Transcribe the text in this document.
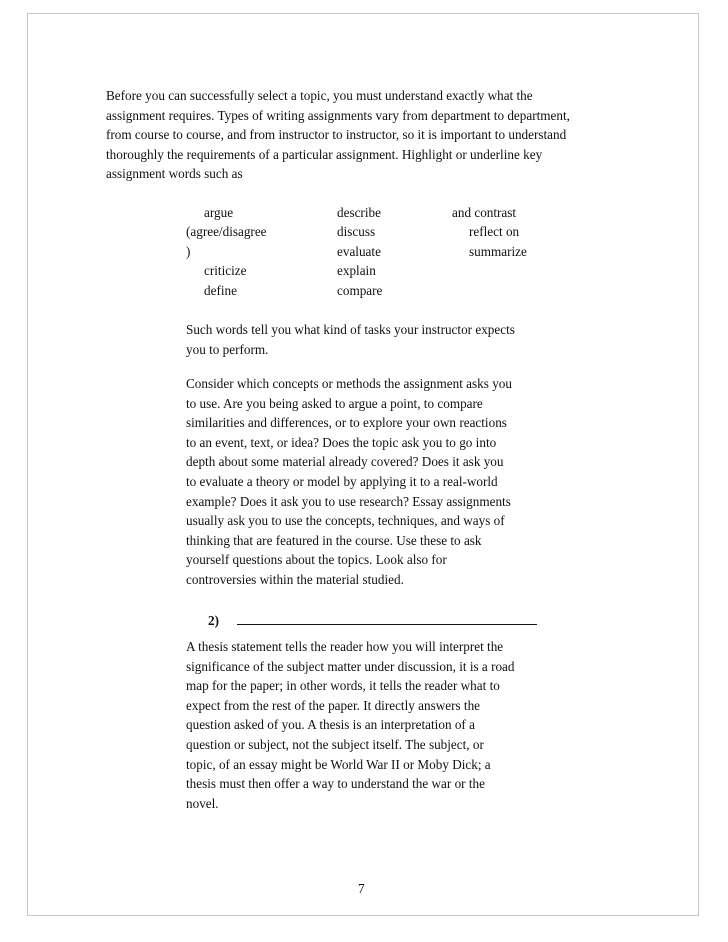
Before you can successfully select a topic, you must understand exactly what the
assignment requires. Types of writing assignments vary from department to department,
from course to course, and from instructor to instructor, so it is important to understand
thoroughly the requirements of a particular assignment. Highlight or underline key
assignment words such as
argue
(agree/disagree
)
criticize
define
describe
discuss
evaluate
explain
compare
and contrast
reflect on
summarize
Such words tell you what kind of tasks your instructor expects
you to perform.
Consider which concepts or methods the assignment asks you
to use. Are you being asked to argue a point, to compare
similarities and differences, or to explore your own reactions
to an event, text, or idea? Does the topic ask you to go into
depth about some material already covered? Does it ask you
to evaluate a theory or model by applying it to a real-world
example? Does it ask you to use research? Essay assignments
usually ask you to use the concepts, techniques, and ways of
thinking that are featured in the course. Use these to ask
yourself questions about the topics. Look also for
controversies within the material studied.
2)
A thesis statement tells the reader how you will interpret the
significance of the subject matter under discussion, it is a road
map for the paper; in other words, it tells the reader what to
expect from the rest of the paper. It directly answers the
question asked of you. A thesis is an interpretation of a
question or subject, not the subject itself. The subject, or
topic, of an essay might be World War II or Moby Dick; a
thesis must then offer a way to understand the war or the
novel.
7
